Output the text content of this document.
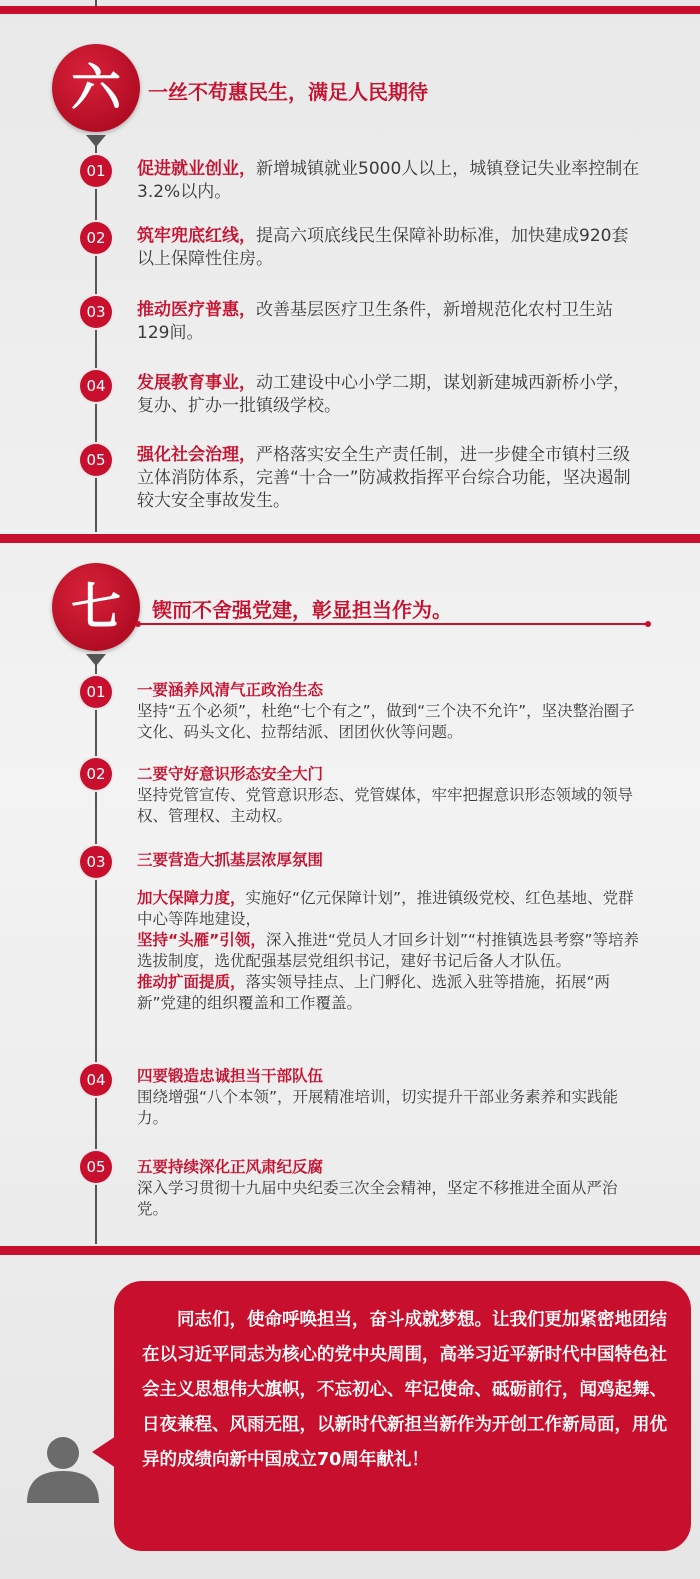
六	一丝不苟惠民生，满足人民期待
01	促进就业创业，新增城镇就业5000人以上，城镇登记失业率控制在3.2%以内。
02	筑牢兜底红线，提高六项底线民生保障补助标准，加快建成920套以上保障性住房。
03	推动医疗普惠，改善基层医疗卫生条件，新增规范化农村卫生站129间。
04	发展教育事业，动工建设中心小学二期，谋划新建城西新桥小学，复办、扩办一批镇级学校。
05	强化社会治理，严格落实安全生产责任制，进一步健全市镇村三级立体消防体系，完善“十合一”防减救指挥平台综合功能，坚决遏制较大安全事故发生。
七	锲而不舍强党建，彰显担当作为。
01	一要涵养风清气正政治生态

坚持“五个必须”，杜绝“七个有之”，做到“三个决不允许”，坚决整治圈子文化、码头文化、拉帮结派、团团伙伙等问题。

02	二要守好意识形态安全大门

坚持党管宣传、党管意识形态、党管媒体，牢牢把握意识形态领域的领导权、管理权、主动权。

03	三要营造大抓基层浓厚氛围

加大保障力度，实施好“亿元保障计划”，推进镇级党校、红色基地、党群中心等阵地建设，

坚持“头雁”引领，深入推进“党员人才回乡计划”“村推镇选县考察”等培养选拔制度，选优配强基层党组织书记，建好书记后备人才队伍。

推动扩面提质，落实领导挂点、上门孵化、选派入驻等措施，拓展“两新”党建的组织覆盖和工作覆盖。

04	四要锻造忠诚担当干部队伍

围绕增强“八个本领”，开展精准培训，切实提升干部业务素养和实践能力。

05	五要持续深化正风肃纪反腐

深入学习贯彻十九届中央纪委三次全会精神，坚定不移推进全面从严治党。

同志们，使命呼唤担当，奋斗成就梦想。让我们更加紧密地团结在以习近平同志为核心的党中央周围，高举习近平新时代中国特色社会主义思想伟大旗帜，不忘初心、牢记使命、砥砺前行，闻鸡起舞、日夜兼程、风雨无阻，以新时代新担当新作为开创工作新局面，用优异的成绩向新中国成立70周年献礼！
